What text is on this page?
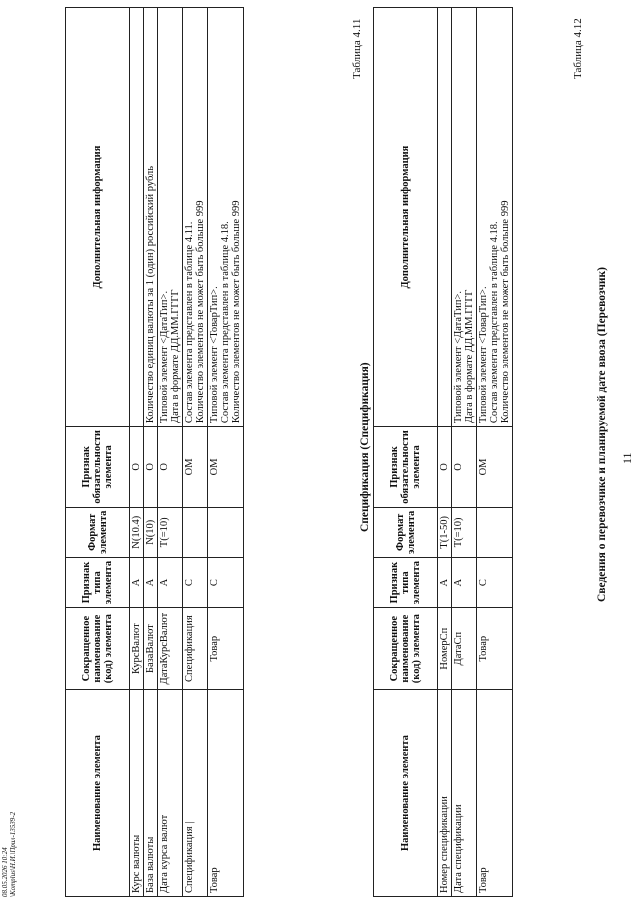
11
Наименование элемента	Сокращенное наименование (код) элемента	Признак типа элемента	Формат элемента	Признак обязательности элемента	Дополнительная информация
Курс валюты	КурсВалют	А	N(10.4)	О	
База валюты	БазаВалют	А	N(10)	О	Количество единиц валюты за 1 (один) российский рубль
Дата курса валют	ДатаКурсВалют	А	T(=10)	О	Типовой элемент <ДатаТип>.
Дата в формате ДД.ММ.ГГГГ
Спецификация |	Спецификация	С		ОМ	Состав элемента представлен в таблице 4.11.
Количество элементов не может быть больше 999
Товар	Товар	С		ОМ	Типовой элемент <ТоварТип>.
Состав элемента представлен в таблице 4.18.
Количество элементов не может быть больше 999
Таблица 4.11
Спецификация (Спецификация)
Наименование элемента	Сокращенное наименование (код) элемента	Признак типа элемента	Формат элемента	Признак обязательности элемента	Дополнительная информация
Номер спецификации	НомерСп	А	T(1-50)	О	
Дата спецификации	ДатаСп	А	T(=10)	О	Типовой элемент <ДатаТип>.
Дата в формате ДД.ММ.ГГГГ
Товар	Товар	С		ОМ	Типовой элемент <ТоварТип>.
Состав элемента представлен в таблице 4.18.
Количество элементов не может быть больше 999
Таблица 4.12
Сведения о перевозчике и планируемой дате ввоза (Перевозчик)
08.05.2026 10:24 \Komplus\Н.И.\Прил-13539-2
